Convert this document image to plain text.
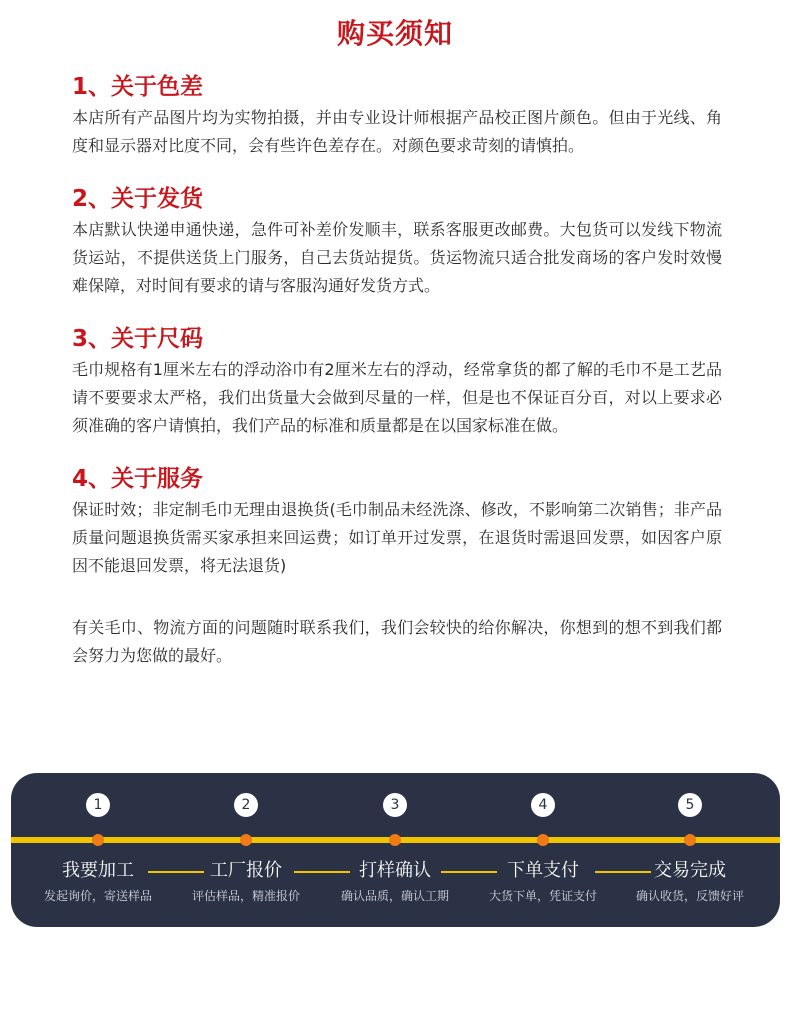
购买须知
1、关于色差

本店所有产品图片均为实物拍摄，并由专业设计师根据产品校正图片颜色。但由于光线、角度和显示器对比度不同，会有些许色差存在。对颜色要求苛刻的请慎拍。

2、关于发货

本店默认快递申通快递，急件可补差价发顺丰，联系客服更改邮费。大包货可以发线下物流货运站，不提供送货上门服务，自己去货站提货。货运物流只适合批发商场的客户发时效慢难保障，对时间有要求的请与客服沟通好发货方式。

3、关于尺码

毛巾规格有1厘米左右的浮动浴巾有2厘米左右的浮动，经常拿货的都了解的毛巾不是工艺品请不要要求太严格，我们出货量大会做到尽量的一样，但是也不保证百分百，对以上要求必须准确的客户请慎拍，我们产品的标准和质量都是在以国家标准在做。

4、关于服务

保证时效；非定制毛巾无理由退换货(毛巾制品未经洗涤、修改，不影响第二次销售；非产品质量问题退换货需买家承担来回运费；如订单开过发票，在退货时需退回发票，如因客户原因不能退回发票，将无法退货)

有关毛巾、物流方面的问题随时联系我们，我们会较快的给你解决，你想到的想不到我们都会努力为您做的最好。

1
我要加工
发起询价，寄送样品
2
工厂报价
评估样品，精准报价
3
打样确认
确认品质，确认工期
4
下单支付
大货下单，凭证支付
5
交易完成
确认收货，反馈好评
